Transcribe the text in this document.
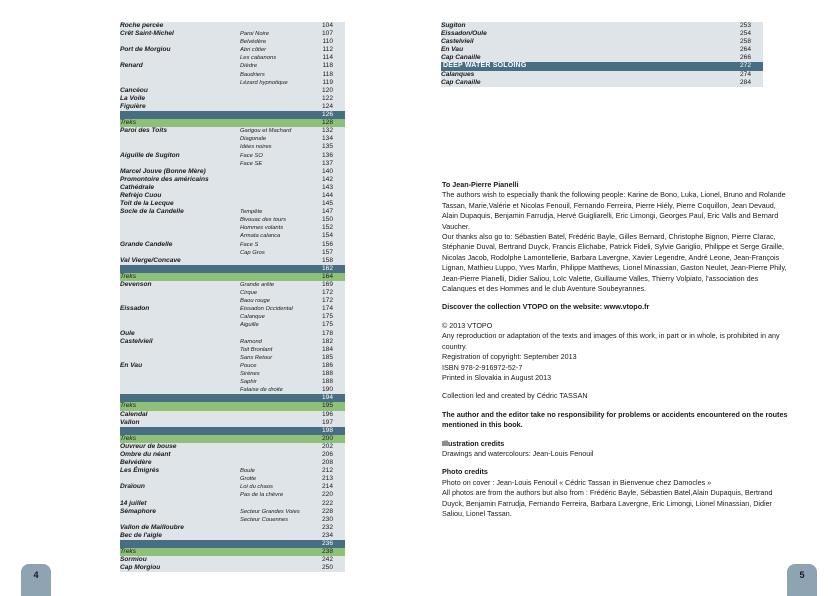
Roche percée	104
Crêt Saint-Michel	Paroi Noire	107
Belvédère	110
Port de Morgiou	Abri côtier	112
Les cabanons	114
Renard	Dièdre	118
Baudriers	118
Lézard hypnotique	119
Cancéou	120
La Voile	122
Figuière	124
SUGITON/CANDELLE	126
Treks	128
Paroi des Toits	Garigou et Machard	132
Diagonale	134
Idées noires	135
Aiguille de Sugiton	Face SO	136
Face SE	137
Marcel Jouve (Bonne Mère)	140
Promontoire des américains	142
Cathédrale	143
Refrèjo Cuou	144
Toit de la Lecque	145
Socle de la Candelle	Tempête	147
Bivouac des tours	150
Hommes volants	152
Armata calanca	154
Grande Candelle	Face S	156
Cap Gros	157
Val Vierge/Concave	158
GARDIOLE	162
Treks	164
Devenson	Grande arête	169
Cirque	172
Baou rouge	172
Eissadon	Eissadon Occidental	174
Calanque	175
Aiguille	175
Oule	178
Castelvieil	Ramond	182
Toit Bronlant	184
Sans Retour	185
En Vau	Pouce	186
Sirènes	188
Saphir	188
Falaise de droite	190
CASSIS	194
Treks	195
Calendal	196
Vallon	197
CAP CANAILLE	198
Treks	200
Ouvreur de bouse	202
Ombre du néant	206
Belvédère	208
Les Émigrés	Boule	212
Grotte	213
Draïoun	Loi du chaos	214
Pas de la chèvre	220
14 juillet	222
Sémaphore	Secteur Grandes Voies	228
Secteur Couennes	230
Vallon de Mailloubre	232
Bec de l'aigle	234
TRAVERSES	236
Treks	238
Sormiou	242
Cap Morgiou	250
4	5
Sugiton	253
Eissadon/Oule	254
Castelvieil	258
En Vau	264
Cap Canaille	266
DEEP WATER SOLOING	272
Calanques	274
Cap Canaille	284

To Jean-Pierre Pianelli

The authors wish to especially thank the following people: Karine de Bono, Luka, Lionel, Bruno and Rolande Tassan, Marie,Valérie et Nicolas Fenouil, Fernando Ferreira, Pierre Hiély, Pierre Coquillon, Jean Devaud, Alain Dupaquis, Benjamin Farrudja, Hervé Guigliarelli, Eric Limongi, Georges Paul, Eric Valls and Bernard Vaucher.

Our thanks also go to: Sébastien Batel, Frédéric Bayle, Gilles Bernard, Christophe Bignon, Pierre Clarac, Stéphanie Duval, Bertrand Duyck, Francis Elichabe, Patrick Fideli, Sylvie Gariglio, Philippe et Serge Graille, Nicolas Jacob, Rodolphe Lamontellerie, Barbara Lavergne, Xavier Legendre, André Leone, Jean-François Lignan, Mathieu Luppo, Yves Marfin, Philippe Matthews, Lionel Minassian, Gaston Neulet, Jean-Pierre Phily, Jean-Pierre Pianelli, Didier Saliou, Loïc Valette, Guillaume Valles, Thierry Volpiato, l'association des Calanques et des Hommes and le club Aventure Soubeyrannes.

Discover the collection VTOPO on the website: www.vtopo.fr

© 2013 VTOPO

Any reproduction or adaptation of the texts and images of this work, in part or in whole, is prohibited in any country.

Registration of copyright: September 2013

ISBN 978-2-916972-52-7

Printed in Slovakia in August 2013

Collection led and created by Cédric TASSAN

The author and the editor take no responsibility for problems or accidents encountered on the routes mentioned in this book.

Illustration credits

Drawings and watercolours: Jean-Louis Fenouil

Photo credits

Photo on cover : Jean-Louis Fenouil « Cédric Tassan in Bienvenue chez Damocles »

All photos are from the authors but also from : Frédéric Bayle, Sébastien Batel,Alain Dupaquis, Bertrand Duyck, Benjamin Farrudja, Fernando Ferreira, Barbara Lavergne, Eric Limongi, Lionel Minassian, Didier Saliou, Lionel Tassan.
